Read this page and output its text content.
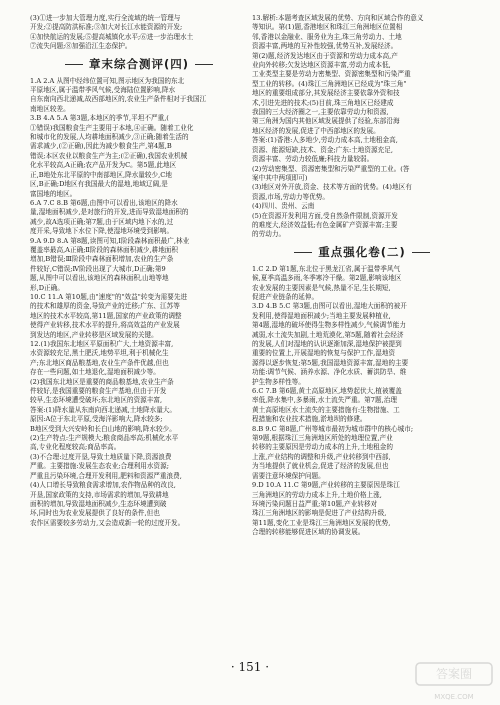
(3)①进一步加大管理力度,实行全流域的统一管理与
开发;②提高防洪标准;③加大对长江水能资源的开发;
④加快航运的发展;⑤提高城镇化水平;⑥进一步治理水土
⑦流失问题;⑧加强沿江生态保护。
章末综合测评(四)
1.A 2.A 从图中经纬位置可知,图示地区为我国的东北
平原地区,属于温带季风气候,受海陆位置影响,降水
自东南向西北递减,故西部地区的,农业生产条件相对于我国江
南地区较差。
3.B 4.A 5.A 第3题,本地区的季节,平坦不严重,(
①错误)我国粮食生产主要用于本地,④正确。随着工业化
和城市化的发展,人均耕地面积减少,③正确;随着生活的
需求减少,(②正确),因此为减少粮食生产,第4题,B
错误;本区农业以粮食生产为主;(②正确),我国农业机械
化水平较高,A正确;农产品开发为C。第5题,此地区
正,B地处东北平原的中南部地区,降水量较少,C地
区,B正确;D地区有我国最大的湿地,地域辽阔,是
富国地的地区。
6.A 7.C 8.B 第6题,由图中可以看出,该地区的降水
量,湿地面积减少,是对旅行的开发,进而导致湿地面积的
减少,故A选项正确;第7题,由于区域内地下水的,过
度开采,导致地下水位下降,使湿地环境受到影响。
9.A 9.D 8.A 第8题,读图可知,Ⅰ阶段森林面积最广,林业
覆盖率最高,A正确;Ⅱ阶段的森林面积减少,耕地面积
增加,B错误;Ⅲ阶段中森林面积增加,农业的生产条
件较好,C错误;Ⅳ阶段出现了大城市,D正确;第9
题,从图中可以看出,该地区的森林面积,山地等地
形,D正确。
10.C 11.A 第10题,由"速度"的"效益"转变为需要先进
的技术和雄厚的资金,导致产业的迁移;广东、江苏等
地区的技术水平较高,第11题,国家的产业政策的调整
使得产业转移,技术水平的提升,将高效益的产业发展
到发达的地区,产业转移是区域发展的关键。
12.(1)我国东北地区平原面积广大,土地资源丰富,
水资源较充足,黑土肥沃,地势平坦,利于机械化生
产;东北地区商品粮基地,农业生产条件优越,但也
存在一些问题,如土地退化,湿地面积减少等。
(2)我国东北地区是重要的商品粮基地,农业生产条
件较好,是我国重要的粮食生产基地,但由于开发
较早,生态环境遭受破坏;东北地区的资源丰富,
答案:(1)降水量从东南向西北递减,土地降水量大。
原因:A位于东北平原,受海洋影响大,降水较多;
B地区受到大兴安岭和长白山地的影响,降水较少。
(2)生产特点:生产规模大;粮食商品率高;机械化水平
高,专业化程度较高;商品率高。
(3)不合理:过度开垦,导致土地质量下降,资源浪费
严重。主要措施:发展生态农业;合理利用水资源;
严重且污染环境,合理开发利用,肥料和资源严重浪费,
(4)人口增长导致粮食需求增加,农作物品种的改良,
开垦,国家政策的支持,市场需求的增加,导致耕地
面积的增加,导致湿地面积减少,生态环境遭到破
坏,同时也为农业发展提供了良好的条件,但也
农作区需要较多劳动力,又会造成新一轮的过度开发。
13.解析:本题考查区域发展的优势、方向和区域合作的意义
等知识。第(1)题,香港地区和珠江三角洲地区位置相
邻,香港以金融业、服务业为主,珠三角劳动力、土地
资源丰富,两地的互补性较强,优势互补,发展经济。
第(2)题,经济发达地区由于资源和劳动力成本高,产
业向外转移;欠发达地区资源丰富,劳动力成本低,
工业类型主要是劳动力密集型、资源密集型和污染严重
型工业的转移。(4)珠江三角洲地区已经成为"珠三角"
地区的重要组成部分,其发展经济主要依靠外资和技
术,引进先进的技术;(5)目前,珠三角地区已经建成
我国的三大经济圈之一,主要依靠劳动力和资源,
第三角洲为国内其他区域发展提供了经验,东部沿海
地区经济的发展,促进了中西部地区的发展。
答案:(1)香港:人多地少,劳动力成本高,土地租金高,
资源、能源短缺,技术、资金;广东:土地资源充足,
资源丰富、劳动力较低廉;科技力量较弱。
(2)劳动密集型、资源密集型和污染严重型的工业。(答
案中其中两项即可)
(3)地区对外开放,资金、技术等方面的优势。(4)地区有
资源,市场,劳动力等优势。
(4)四川、贵州、云南
(5)在资源开发利用方面,受自然条件限制,资源开发
的难度大,经济效益低;有色金属矿产资源丰富;主要
的劳动力。
重点强化卷(二)
1.C 2.D 第1题,东北位于黑龙江省,属于温带季风气
候,夏季高温多雨,冬季寒冷干燥。第2题,影响该地区
农业发展的主要因素是气候,热量不足,生长期短,
促进产业链条的延伸。
3.D 4.B 5.C 第3题,由图可以看出,湿地大面积的被开
发利用,使得湿地面积减少;当地主要发展种植业,
第4题,湿地的破坏使得生物多样性减少,气候调节能力
减弱,水土流失加剧,土地荒漠化,第5题,随着社会经济
的发展,人们对湿地的认识逐渐加深,湿地保护被提到
重要的位置上,开展湿地的恢复与保护工作,湿地资
源得以逐步恢复;第5题,我国湿地资源丰富,湿地的主要
功能:调节气候、涵养水源、净化水质、蓄洪防旱、维
护生物多样性等。
6.C 7.B 第6题,黄土高原地区,地势起伏大,植被覆盖
率低,降水集中,多暴雨,水土流失严重。第7题,治理
黄土高原地区水土流失的主要措施有:生物措施、工
程措施和农业技术措施,淤地坝的修建。
8.B 9.C 第8题,广州等城市最初为城市群中的核心城市;
第9题,根据珠江三角洲地区所处的地理位置,产业
转移的主要原因是劳动力成本的上升,土地租金的
上涨,产业结构的调整和升级,产业转移到中西部,
为当地提供了就业机会,促进了经济的发展,但也
需要注意环境保护问题。
9.D 10.A 11.C 第9题,产业转移的主要原因是珠江
三角洲地区的劳动力成本上升,土地价格上涨,
环境污染问题日益严重;第10题,产业转移对
珠江三角洲地区的影响是促进了产业结构升级,
第11题,变化工业是珠江三角洲地区发展的优势,
合理的转移能够促进区域的协调发展。
· 151 ·	答案圈
MXQE.COM
